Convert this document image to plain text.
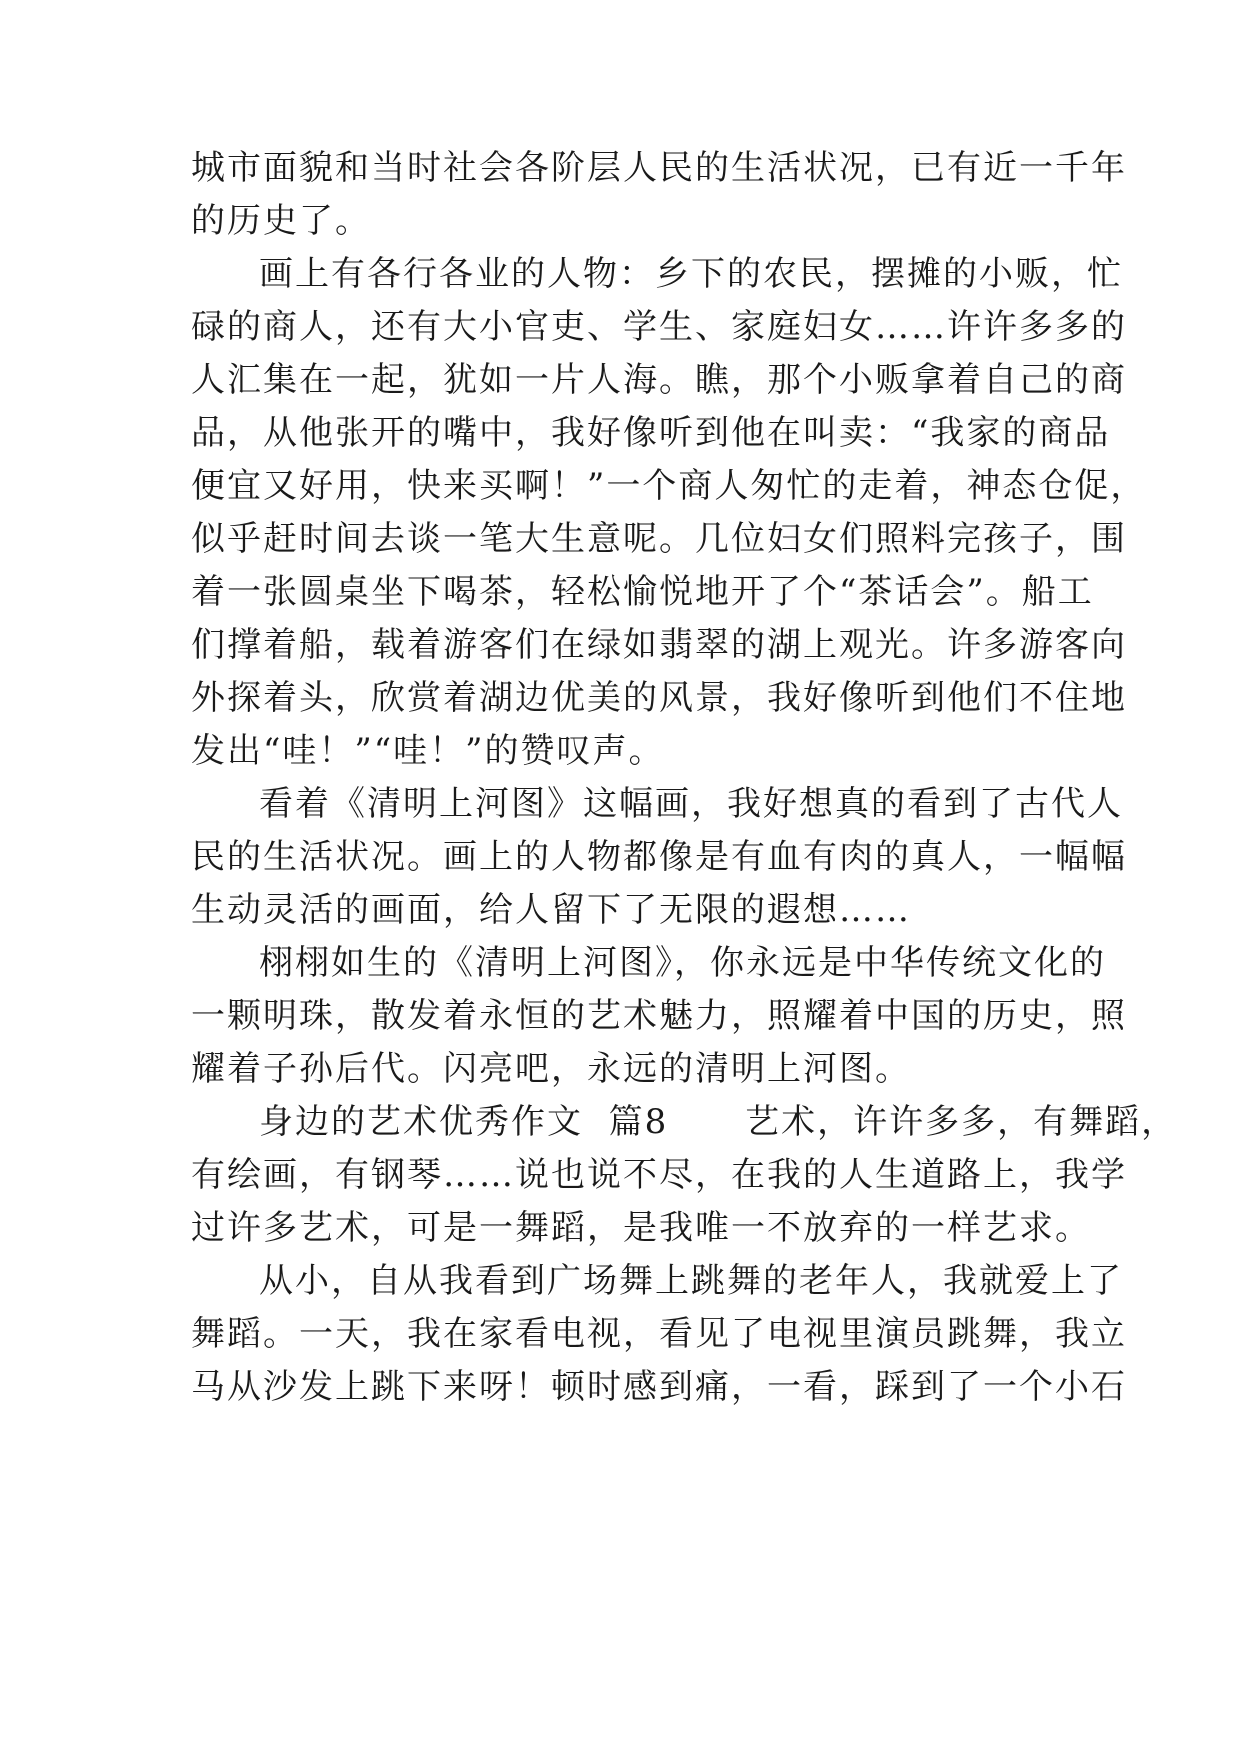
城市面貌和当时社会各阶层人民的生活状况，已有近一千年
的历史了。
画上有各行各业的人物：乡下的农民，摆摊的小贩，忙
碌的商人，还有大小官吏、学生、家庭妇女……许许多多的
人汇集在一起，犹如一片人海。瞧，那个小贩拿着自己的商
品，从他张开的嘴中，我好像听到他在叫卖：“我家的商品
便宜又好用，快来买啊！”一个商人匆忙的走着，神态仓促，
似乎赶时间去谈一笔大生意呢。几位妇女们照料完孩子，围
着一张圆桌坐下喝茶，轻松愉悦地开了个“茶话会”。船工
们撑着船，载着游客们在绿如翡翠的湖上观光。许多游客向
外探着头，欣赏着湖边优美的风景，我好像听到他们不住地
发出“哇！”“哇！”的赞叹声。
看着《清明上河图》这幅画，我好想真的看到了古代人
民的生活状况。画上的人物都像是有血有肉的真人，一幅幅
生动灵活的画面，给人留下了无限的遐想……
栩栩如生的《清明上河图》，你永远是中华传统文化的
一颗明珠，散发着永恒的艺术魅力，照耀着中国的历史，照
耀着子孙后代。闪亮吧，永远的清明上河图。
身边的艺术优秀作文  篇8      艺术，许许多多，有舞蹈，
有绘画，有钢琴……说也说不尽，在我的人生道路上，我学
过许多艺术，可是一舞蹈，是我唯一不放弃的一样艺求。
从小，自从我看到广场舞上跳舞的老年人，我就爱上了
舞蹈。一天，我在家看电视，看见了电视里演员跳舞，我立
马从沙发上跳下来呀！顿时感到痛，一看，踩到了一个小石
